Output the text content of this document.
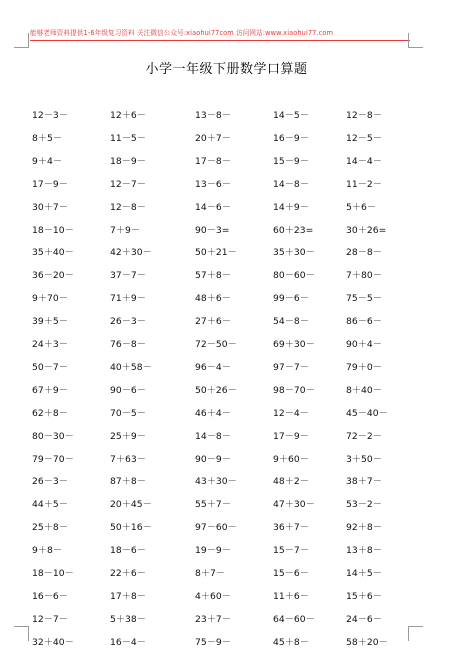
能够老师资料提供1-6年级复习资料 关注微信公众号:xiaohui77com 访问网站:www.xiaohui77.com
小学一年级下册数学口算题
12－3－	12＋6－	13－8－	14－5－	12－8－
8＋5－	11－5－	20＋7－	16－9－	12－5－
9＋4－	18－9－	17－8－	15－9－	14－4－
17－9－	12－7－	13－6－	14－8－	11－2－
30＋7－	12－8－	14－6－	14＋9－	5＋6－
18－10－	7＋9－	90－3=	60＋23=	30＋26=
35＋40－	42＋30－	50＋21－	35＋30－	28－8－
36－20－	37－7－	57＋8－	80－60－	7＋80－
9＋70－	71＋9－	48＋6－	99－6－	75－5－
39＋5－	26－3－	27＋6－	54－8－	86－6－
24＋3－	76－8－	72－50－	69＋30－	90＋4－
50－7－	40＋58－	96－4－	97－7－	79＋0－
67＋9－	90－6－	50＋26－	98－70－	8＋40－
62＋8－	70－5－	46＋4－	12－4－	45－40－
80－30－	25＋9－	14－8－	17－9－	72－2－
79－70－	7＋63－	90－9－	9＋60－	3＋50－
26－3－	87＋8－	43＋30－	48＋2－	38＋7－
44＋5－	20＋45－	55＋7－	47＋30－	53－2－
25＋8－	50＋16－	97－60－	36＋7－	92＋8－
9＋8－	18－6－	19－9－	15－7－	13＋8－
18－10－	22＋6－	8＋7－	15－6－	14＋5－
16－6－	17＋8－	4＋60－	11＋6－	15＋6－
12－7－	5＋38－	23＋7－	64－60－	24－6－
32＋40－	16－4－	75－9－	45＋8－	58＋20－
